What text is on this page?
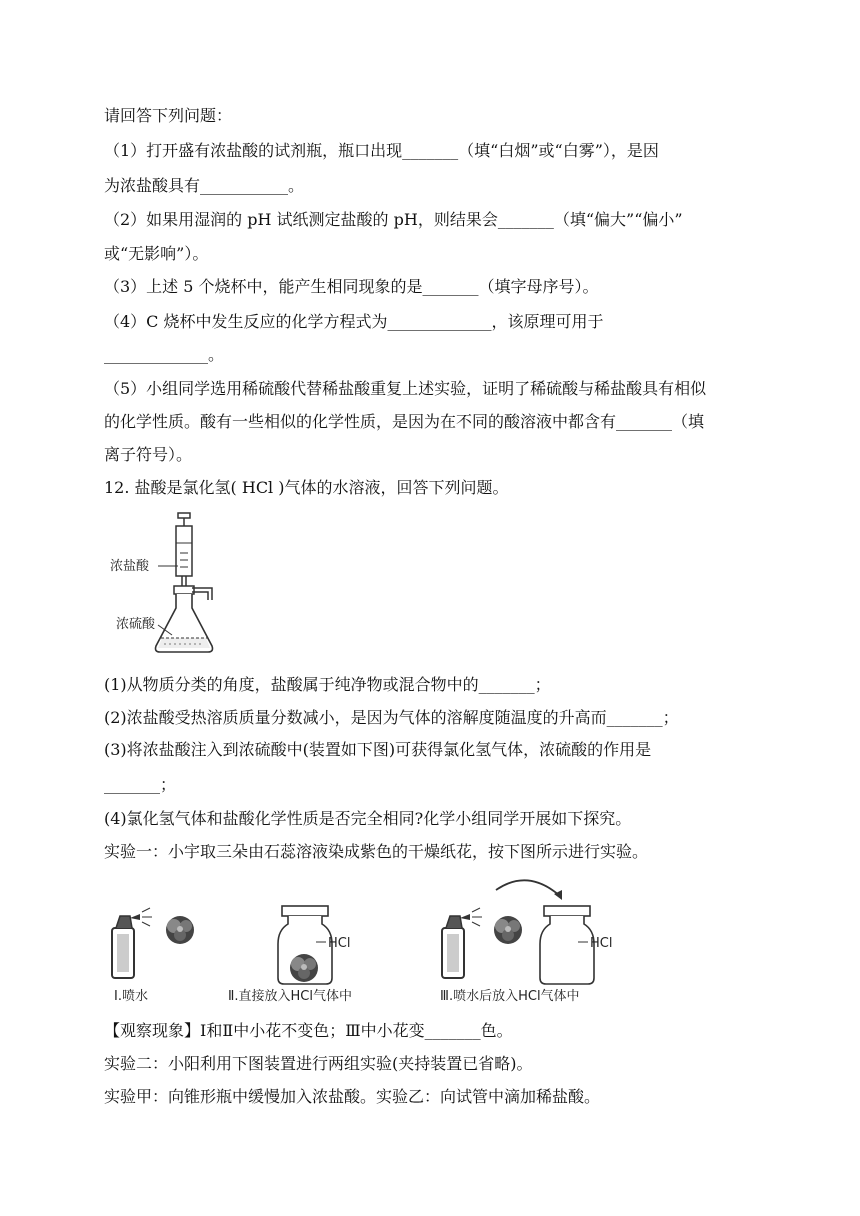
请回答下列问题：
（1）打开盛有浓盐酸的试剂瓶，瓶口出现_______（填“白烟”或“白雾”），是因
为浓盐酸具有___________。
（2）如果用湿润的 pH 试纸测定盐酸的 pH，则结果会_______（填“偏大”“偏小”
或“无影响”）。
（3）上述 5 个烧杯中，能产生相同现象的是_______（填字母序号）。
（4）C 烧杯中发生反应的化学方程式为_____________，该原理可用于
_____________。
（5）小组同学选用稀硫酸代替稀盐酸重复上述实验，证明了稀硫酸与稀盐酸具有相似
的化学性质。酸有一些相似的化学性质，是因为在不同的酸溶液中都含有_______（填
离子符号）。
12. 盐酸是氯化氢( HCl )气体的水溶液，回答下列问题。
浓盐酸
浓硫酸
(1)从物质分类的角度，盐酸属于纯净物或混合物中的_______；
(2)浓盐酸受热溶质质量分数减小，是因为气体的溶解度随温度的升高而_______；
(3)将浓盐酸注入到浓硫酸中(装置如下图)可获得氯化氢气体，浓硫酸的作用是
_______；
(4)氯化氢气体和盐酸化学性质是否完全相同?化学小组同学开展如下探究。
实验一：小宇取三朵由石蕊溶液染成紫色的干燥纸花，按下图所示进行实验。
HCl	HCl
Ⅰ.喷水	Ⅱ.直接放入HCl气体中	Ⅲ.喷水后放入HCl气体中
【观察现象】Ⅰ和Ⅱ中小花不变色；Ⅲ中小花变_______色。
实验二：小阳利用下图装置进行两组实验(夹持装置已省略)。
实验甲：向锥形瓶中缓慢加入浓盐酸。实验乙：向试管中滴加稀盐酸。
